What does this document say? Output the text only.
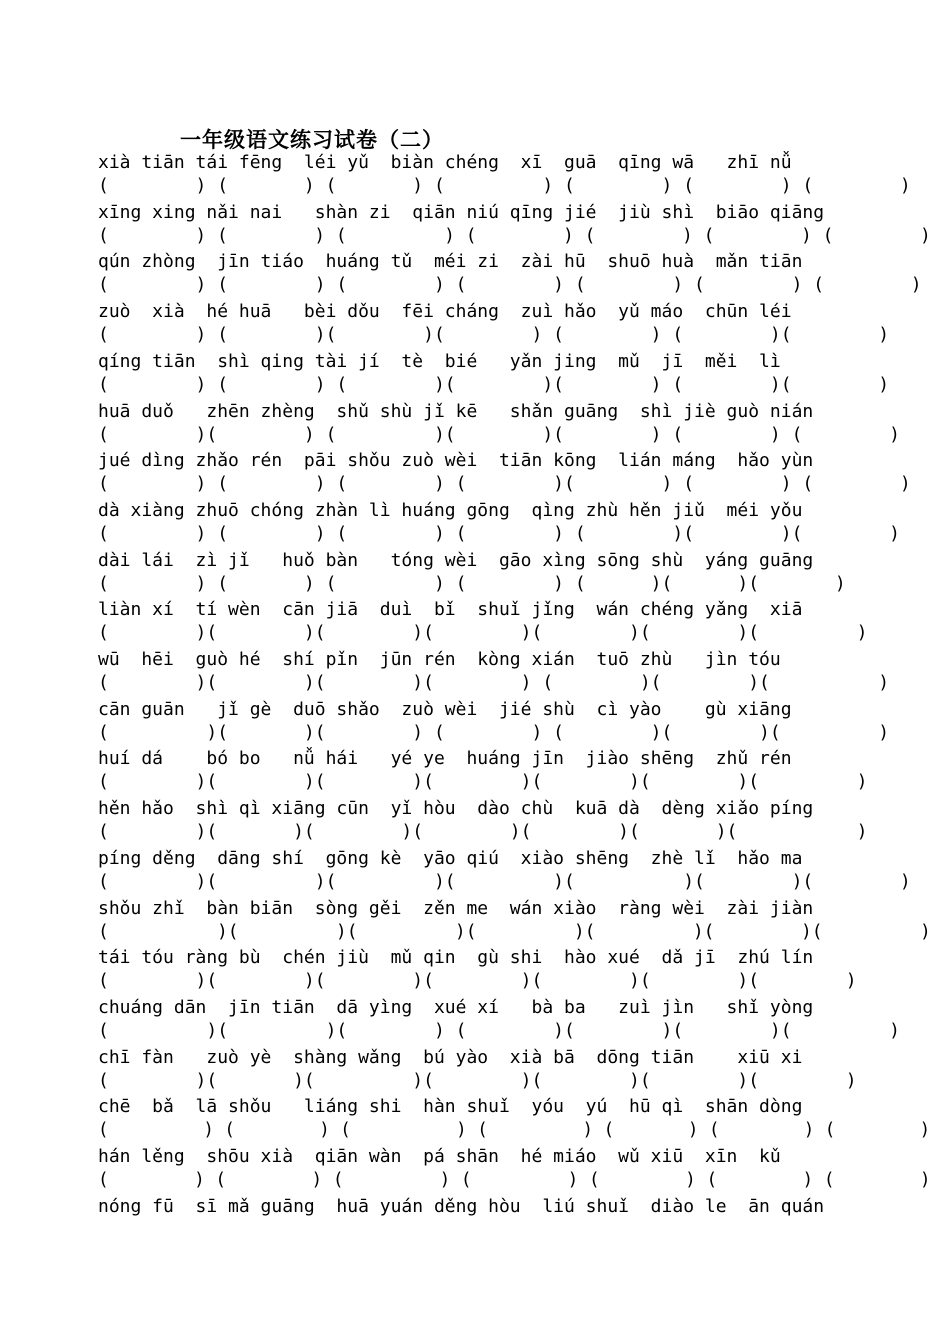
一年级语文练习试卷（二）
xià tiān tái fēng  léi yǔ  biàn chéng  xī  guā  qīng wā   zhī nǚ
(        ) (       ) (       ) (         ) (        ) (        ) (        )
xīng xing nǎi nai   shàn zi  qiān niú qīng jié  jiù shì  biāo qiāng
(        ) (        ) (         ) (        ) (        ) (        ) (        )
qún zhòng  jīn tiáo  huáng tǔ  méi zi  zài hū  shuō huà  mǎn tiān
(        ) (        ) (        ) (        ) (        ) (        ) (        )
zuò  xià  hé huā   bèi dǒu  fēi cháng  zuì hǎo  yǔ máo  chūn léi
(        ) (        )(        )(        ) (        ) (        )(        )
qíng tiān  shì qing tài jí  tè  bié   yǎn jing  mǔ  jī  měi  lì
(        ) (        ) (        )(        )(        ) (        )(        )
huā duǒ   zhēn zhèng  shǔ shù jǐ kē   shǎn guāng  shì jiè guò nián
(        )(        ) (         )(        )(        ) (        ) (        )
jué dìng zhǎo rén  pāi shǒu zuò wèi  tiān kōng  lián máng  hǎo yùn
(        ) (        ) (        ) (        )(        ) (        ) (        )
dà xiàng zhuō chóng zhàn lì huáng gōng  qìng zhù hěn jiǔ  méi yǒu
(        ) (        ) (        ) (        ) (        )(        )(        )
dài lái  zì jǐ   huǒ bàn   tóng wèi  gāo xìng sōng shù  yáng guāng
(        ) (       ) (         ) (        ) (      )(      )(       )
liàn xí  tí wèn  cān jiā  duì  bǐ  shuǐ jǐng  wán chéng yǎng  xiā
(        )(        )(        )(        )(        )(        )(         )
wū  hēi  guò hé  shí pǐn  jūn rén  kòng xián  tuō zhù   jìn tóu
(        )(        )(        )(        ) (        )(        )(          )
cān guān   jǐ gè  duō shǎo  zuò wèi  jié shù  cì yào    gù xiāng
(         )(       )(        ) (        ) (        )(        )(         )
huí dá    bó bo   nǚ hái   yé ye  huáng jīn  jiào shēng  zhǔ rén
(        )(        )(        )(        )(        )(        )(         )
hěn hǎo  shì qì xiāng cūn  yǐ hòu  dào chù  kuā dà  dèng xiǎo píng
(        )(       )(        )(        )(        )(       )(           )
píng děng  dāng shí  gōng kè  yāo qiú  xiào shēng  zhè lǐ  hǎo ma
(        )(         )(         )(         )(          )(        )(        )
shǒu zhǐ  bàn biān  sòng gěi  zěn me  wán xiào  ràng wèi  zài jiàn
(          )(         )(         )(         )(         )(        )(         )
tái tóu ràng bù  chén jiù  mǔ qin  gù shi  hào xué  dǎ jī  zhú lín
(        )(        )(        )(        )(        )(        )(        )
chuáng dān  jīn tiān  dā yìng  xué xí   bà ba   zuì jìn   shǐ yòng
(         )(         )(        ) (        )(        )(        )(         )
chī fàn   zuò yè  shàng wǎng  bú yào  xià bā  dōng tiān    xiū xi
(        )(       )(         )(        )(        )(        )(        )
chē  bǎ  lā shǒu   liáng shi  hàn shuǐ  yóu  yú  hū qì  shān dòng
(         ) (        ) (          ) (         ) (       ) (        ) (        )
hán lěng  shōu xià  qiān wàn  pá shān  hé miáo  wǔ xiū  xīn  kǔ
(        ) (        ) (         ) (         ) (        ) (        ) (        )
nóng fū  sī mǎ guāng  huā yuán děng hòu  liú shuǐ  diào le  ān quán
